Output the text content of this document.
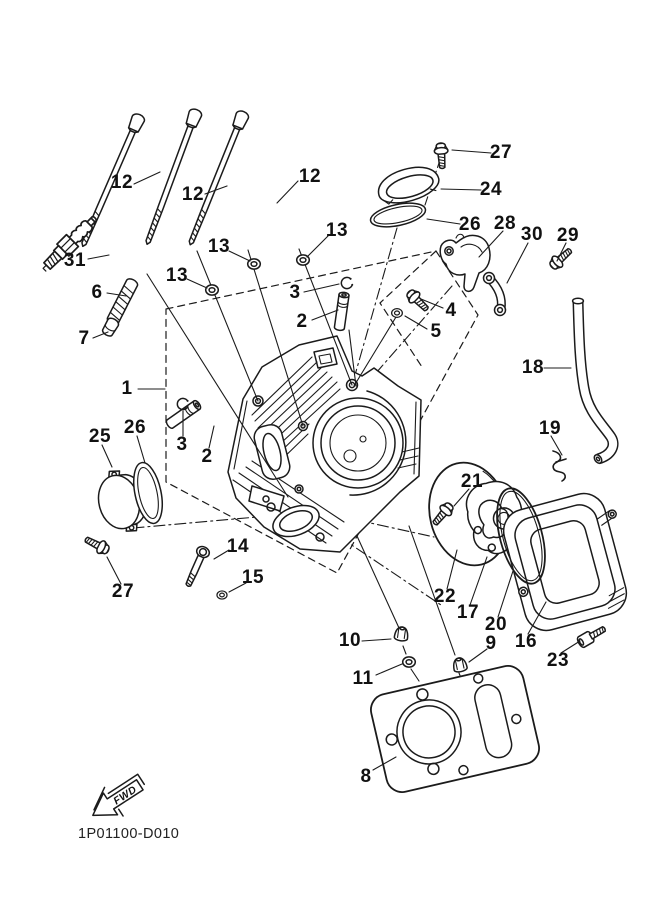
FWD
1P01100-D010
1
2
2
3
3
4
5
6
7
8
9
10
11
12
12
12
13
13
13
14
15
16
17
18
19
20
21
22
23
24
25
26
26
27
27
28
29
30
31
